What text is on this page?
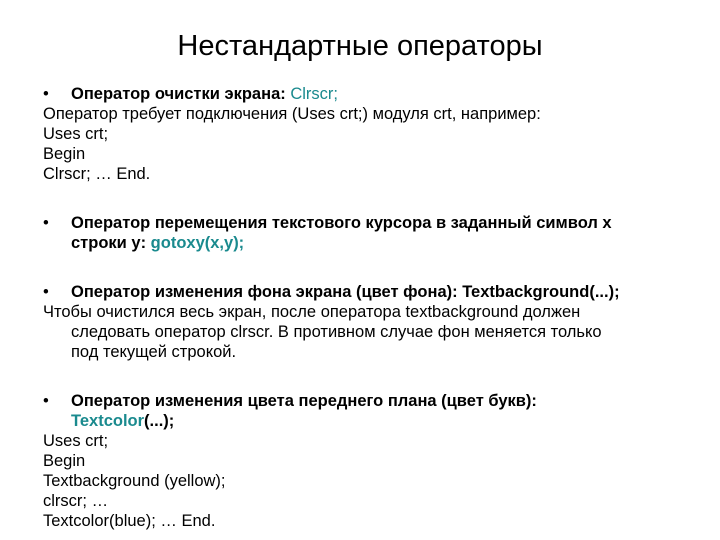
Нестандартные операторы
• Оператор очистки экрана: Clrscr;
Оператор требует подключения (Uses crt;) модуля crt, например:
Uses crt;
Begin
Clrscr; … End.
• Оператор перемещения текстового курсора в заданный символ x
строки y: gotoxy(x,y);
• Оператор изменения фона экрана (цвет фона): Textbackground(...);
Чтобы очистился весь экран, после оператора textbackground должен
следовать оператор clrscr. В противном случае фон меняется только
под текущей строкой.
• Оператор изменения цвета переднего плана (цвет букв):
Textcolor(...);
Uses crt;
Begin
Textbackground (yellow);
clrscr; …
Textcolor(blue); … End.
